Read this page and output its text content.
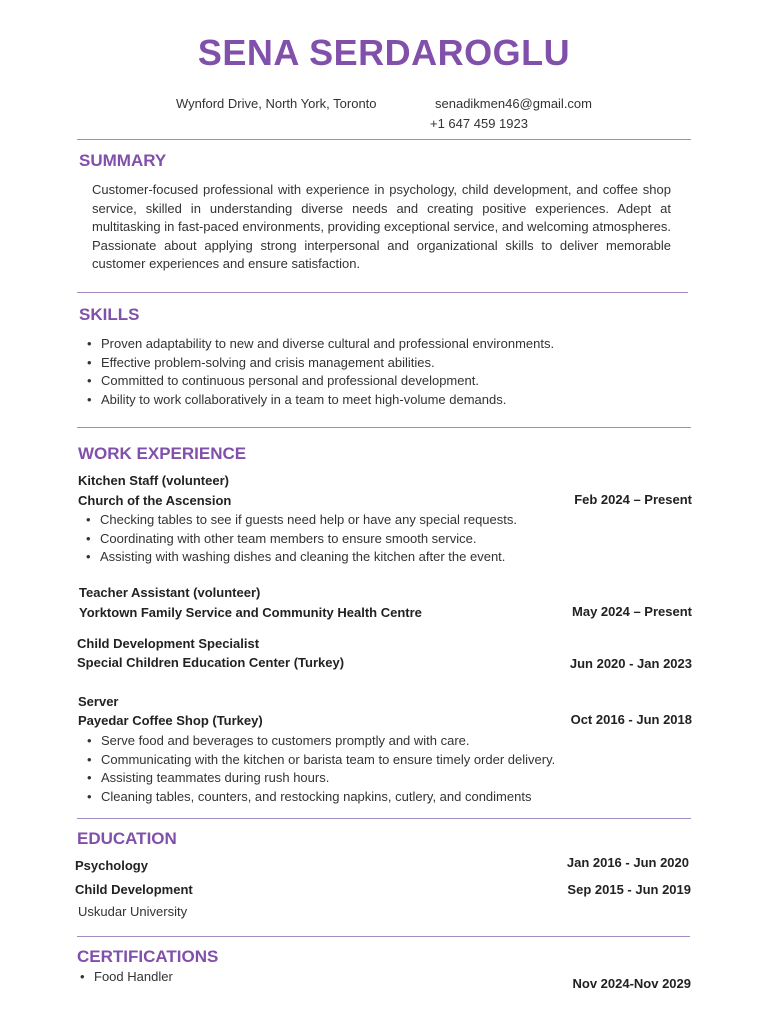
SENA SERDAROGLU
Wynford Drive, North York, Toronto	senadikmen46@gmail.com
+1 647 459 1923
SUMMARY
Customer-focused professional with experience in psychology, child development, and coffee shop service, skilled in understanding diverse needs and creating positive experiences. Adept at multitasking in fast-paced environments, providing exceptional service, and welcoming atmospheres. Passionate about applying strong interpersonal and organizational skills to deliver memorable customer experiences and ensure satisfaction.
SKILLS
• Proven adaptability to new and diverse cultural and professional environments.
• Effective problem-solving and crisis management abilities.
• Committed to continuous personal and professional development.
• Ability to work collaboratively in a team to meet high-volume demands.
WORK EXPERIENCE
Kitchen Staff (volunteer)
Church of the Ascension	Feb 2024 – Present
• Checking tables to see if guests need help or have any special requests.
• Coordinating with other team members to ensure smooth service.
• Assisting with washing dishes and cleaning the kitchen after the event.
Teacher Assistant (volunteer)
Yorktown Family Service and Community Health Centre	May 2024 – Present
Child Development Specialist
Special Children Education Center (Turkey)	Jun 2020 - Jan 2023
Server
Payedar Coffee Shop (Turkey)	Oct 2016 - Jun 2018
• Serve food and beverages to customers promptly and with care.
• Communicating with the kitchen or barista team to ensure timely order delivery.
• Assisting teammates during rush hours.
• Cleaning tables, counters, and restocking napkins, cutlery, and condiments
EDUCATION
Psychology	Jan 2016 - Jun 2020
Child Development	Sep 2015 - Jun 2019
Uskudar University
CERTIFICATIONS
• Food Handler	Nov 2024-Nov 2029
